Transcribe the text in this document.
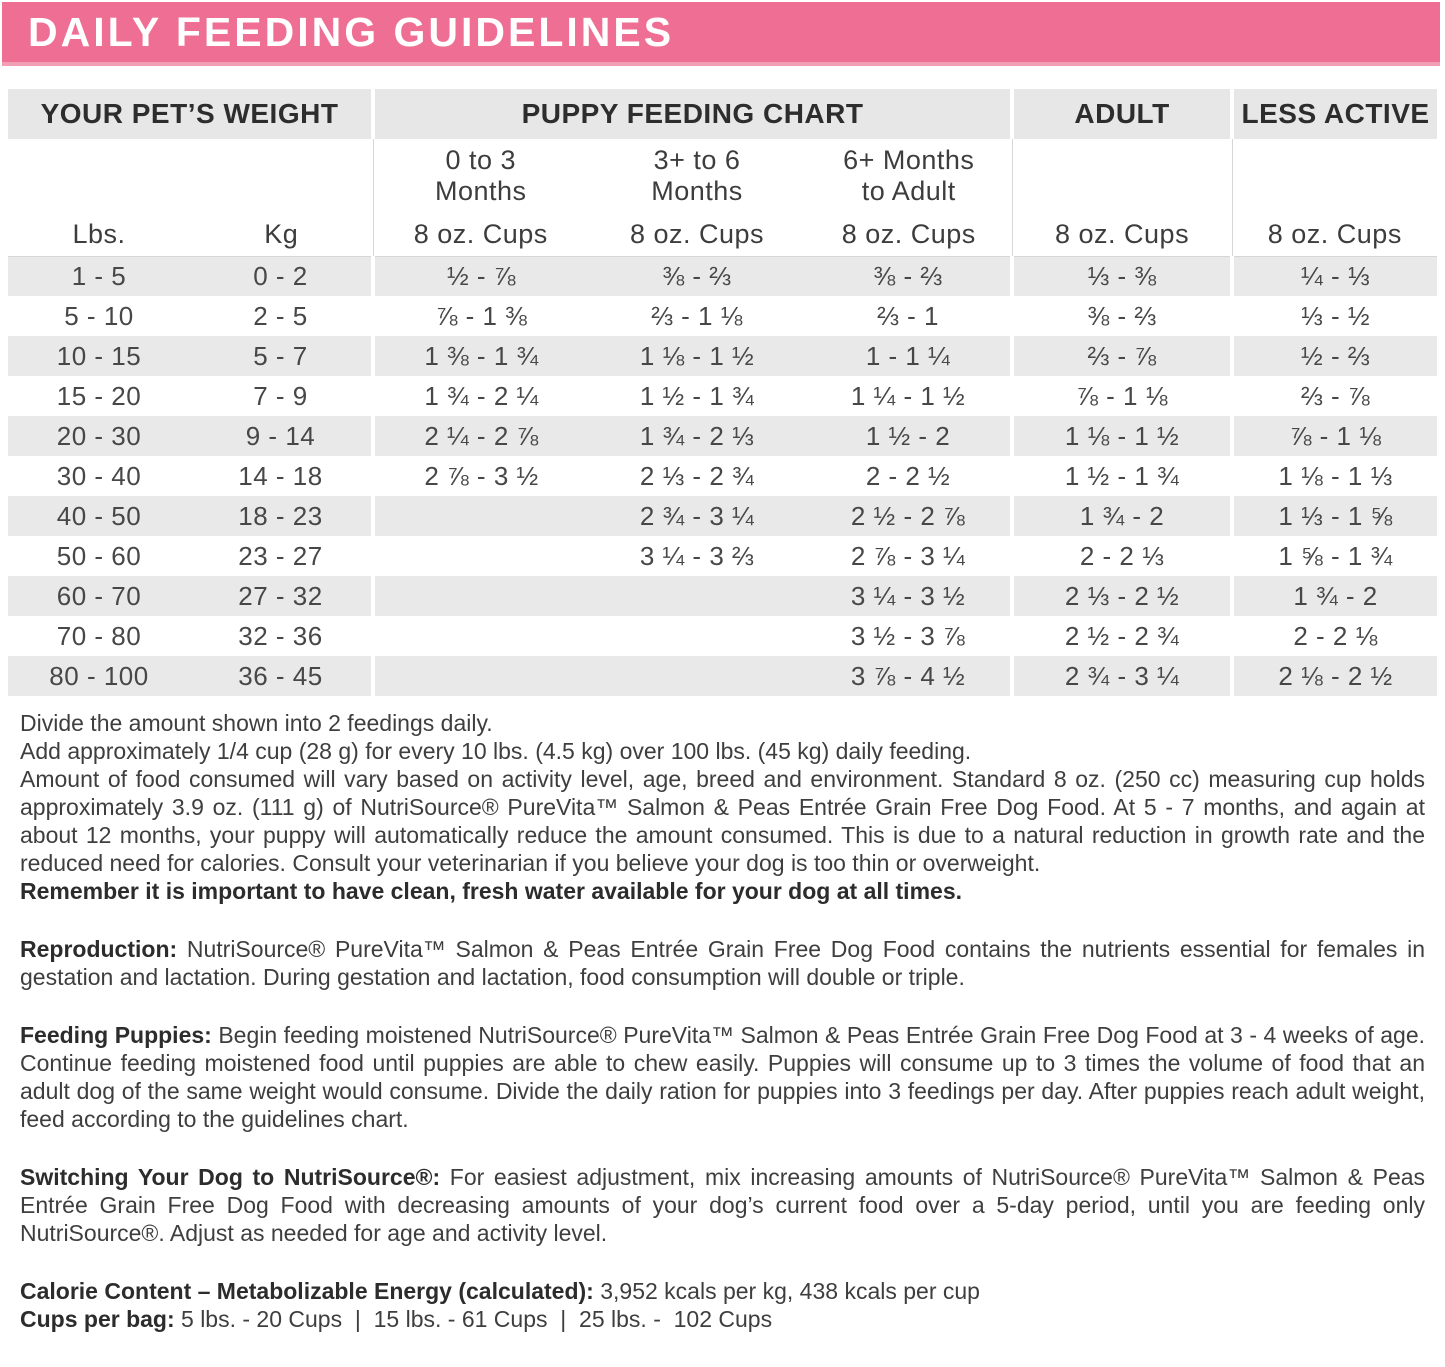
DAILY FEEDING GUIDELINES
YOUR PET’S WEIGHT		PUPPY FEEDING CHART			ADULT	LESS ACTIVE

0 to 3
Months

3+ to 6
Months

6+ Months
to Adult

Lbs.	Kg	8 oz. Cups	8 oz. Cups	8 oz. Cups	8 oz. Cups	8 oz. Cups
1 - 5	0 - 2	½ - ⅞	⅜ - ⅔	⅜ - ⅔	⅓ - ⅜	¼ - ⅓
5 - 10	2 - 5	⅞ - 1 ⅜	⅔ - 1 ⅛	⅔ - 1	⅜ - ⅔	⅓ - ½
10 - 15	5 - 7	1 ⅜ - 1 ¾	1 ⅛ - 1 ½	1 - 1 ¼	⅔ - ⅞	½ - ⅔
15 - 20	7 - 9	1 ¾ - 2 ¼	1 ½ - 1 ¾	1 ¼ - 1 ½	⅞ - 1 ⅛	⅔ - ⅞
20 - 30	9 - 14	2 ¼ - 2 ⅞	1 ¾ - 2 ⅓	1 ½ - 2	1 ⅛ - 1 ½	⅞ - 1 ⅛
30 - 40	14 - 18	2 ⅞ - 3 ½	2 ⅓ - 2 ¾	2 - 2 ½	1 ½ - 1 ¾	1 ⅛ - 1 ⅓
40 - 50	18 - 23		2 ¾ - 3 ¼	2 ½ - 2 ⅞	1 ¾ - 2	1 ⅓ - 1 ⅝
50 - 60	23 - 27		3 ¼ - 3 ⅔	2 ⅞ - 3 ¼	2 - 2 ⅓	1 ⅝ - 1 ¾
60 - 70	27 - 32			3 ¼ - 3 ½	2 ⅓ - 2 ½	1 ¾ - 2
70 - 80	32 - 36			3 ½ - 3 ⅞	2 ½ - 2 ¾	2 - 2 ⅛
80 - 100	36 - 45			3 ⅞ - 4 ½	2 ¾ - 3 ¼	2 ⅛ - 2 ½

Divide the amount shown into 2 feedings daily.

Add approximately 1/4 cup (28 g) for every 10 lbs. (4.5 kg) over 100 lbs. (45 kg) daily feeding.

Amount of food consumed will vary based on activity level, age, breed and environment. Standard 8 oz. (250 cc) measuring cup holds approximately 3.9 oz. (111 g) of NutriSource® PureVita™ Salmon & Peas Entrée Grain Free Dog Food. At 5 - 7 months, and again at about 12 months, your puppy will automatically reduce the amount consumed. This is due to a natural reduction in growth rate and the reduced need for calories. Consult your veterinarian if you believe your dog is too thin or overweight.

Remember it is important to have clean, fresh water available for your dog at all times.

Reproduction: NutriSource® PureVita™ Salmon & Peas Entrée Grain Free Dog Food contains the nutrients essential for females in gestation and lactation. During gestation and lactation, food consumption will double or triple.

Feeding Puppies: Begin feeding moistened NutriSource® PureVita™ Salmon & Peas Entrée Grain Free Dog Food at 3 - 4 weeks of age. Continue feeding moistened food until puppies are able to chew easily. Puppies will consume up to 3 times the volume of food that an adult dog of the same weight would consume. Divide the daily ration for puppies into 3 feedings per day. After puppies reach adult weight, feed according to the guidelines chart.

Switching Your Dog to NutriSource®: For easiest adjustment, mix increasing amounts of NutriSource® PureVita™ Salmon & Peas Entrée Grain Free Dog Food with decreasing amounts of your dog’s current food over a 5-day period, until you are feeding only NutriSource®. Adjust as needed for age and activity level.

Calorie Content – Metabolizable Energy (calculated): 3,952 kcals per kg, 438 kcals per cup

Cups per bag: 5 lbs. - 20 Cups  |  15 lbs. - 61 Cups  |  25 lbs. -  102 Cups
